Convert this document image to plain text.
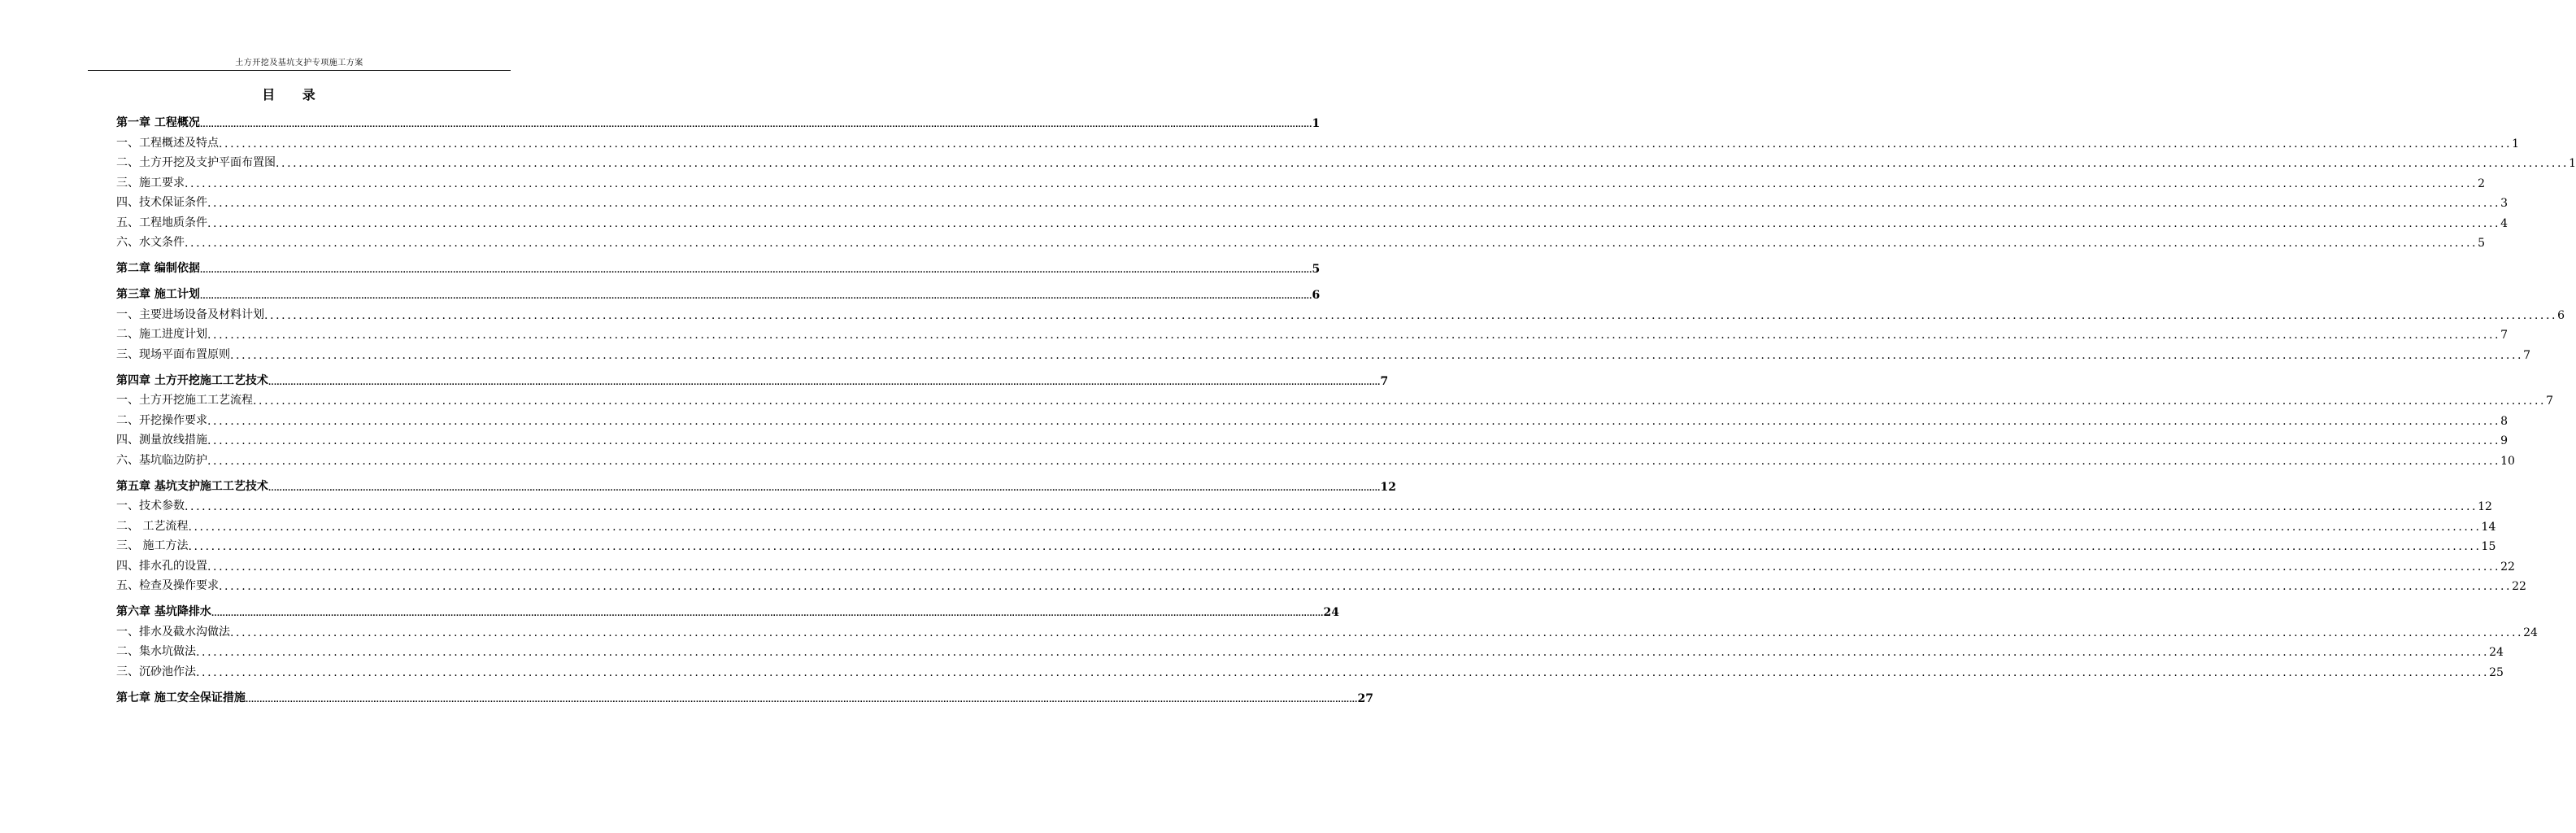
土方开挖及基坑支护专项施工方案
目 录
第一章 工程概况 ................................................................................................................................................................................................................................................................................................................................................................................................................ 1
一、工程概述及特点 ................................................................................................................................................................................................................................................................................................................................................................................................................ 1
二、土方开挖及支护平面布置图 ................................................................................................................................................................................................................................................................................................................................................................................................................ 1
三、施工要求 ................................................................................................................................................................................................................................................................................................................................................................................................................ 2
四、技术保证条件 ................................................................................................................................................................................................................................................................................................................................................................................................................ 3
五、工程地质条件 ................................................................................................................................................................................................................................................................................................................................................................................................................ 4
六、水文条件 ................................................................................................................................................................................................................................................................................................................................................................................................................ 5
第二章 编制依据 ................................................................................................................................................................................................................................................................................................................................................................................................................ 5
第三章 施工计划 ................................................................................................................................................................................................................................................................................................................................................................................................................ 6
一、主要进场设备及材料计划 ................................................................................................................................................................................................................................................................................................................................................................................................................ 6
二、施工进度计划 ................................................................................................................................................................................................................................................................................................................................................................................................................ 7
三、现场平面布置原则 ................................................................................................................................................................................................................................................................................................................................................................................................................ 7
第四章 土方开挖施工工艺技术 ................................................................................................................................................................................................................................................................................................................................................................................................................ 7
一、土方开挖施工工艺流程 ................................................................................................................................................................................................................................................................................................................................................................................................................ 7
二、开挖操作要求 ................................................................................................................................................................................................................................................................................................................................................................................................................ 8
四、测量放线措施 ................................................................................................................................................................................................................................................................................................................................................................................................................ 9
六、基坑临边防护 ................................................................................................................................................................................................................................................................................................................................................................................................................ 10
第五章 基坑支护施工工艺技术 ................................................................................................................................................................................................................................................................................................................................................................................................................ 12
一、技术参数 ................................................................................................................................................................................................................................................................................................................................................................................................................ 12
二、 工艺流程 ................................................................................................................................................................................................................................................................................................................................................................................................................ 14
三、 施工方法 ................................................................................................................................................................................................................................................................................................................................................................................................................ 15
四、排水孔的设置 ................................................................................................................................................................................................................................................................................................................................................................................................................ 22
五、检查及操作要求 ................................................................................................................................................................................................................................................................................................................................................................................................................ 22
第六章 基坑降排水 ................................................................................................................................................................................................................................................................................................................................................................................................................ 24
一、排水及截水沟做法 ................................................................................................................................................................................................................................................................................................................................................................................................................ 24
二、集水坑做法 ................................................................................................................................................................................................................................................................................................................................................................................................................ 24
三、沉砂池作法 ................................................................................................................................................................................................................................................................................................................................................................................................................ 25
第七章 施工安全保证措施 ................................................................................................................................................................................................................................................................................................................................................................................................................ 27
